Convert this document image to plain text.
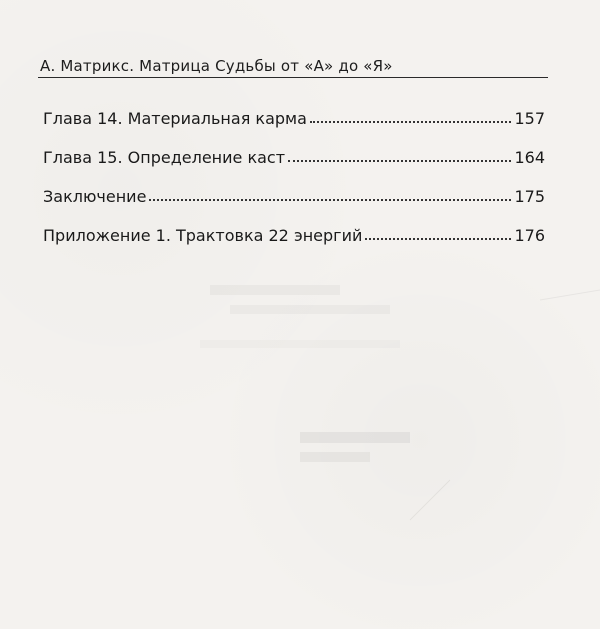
А. Матрикс. Матрица Судьбы от «А» до «Я»
Глава 14. Материальная карма	157
Глава 15. Определение каст	164
Заключение	175
Приложение 1. Трактовка 22 энергий	176
